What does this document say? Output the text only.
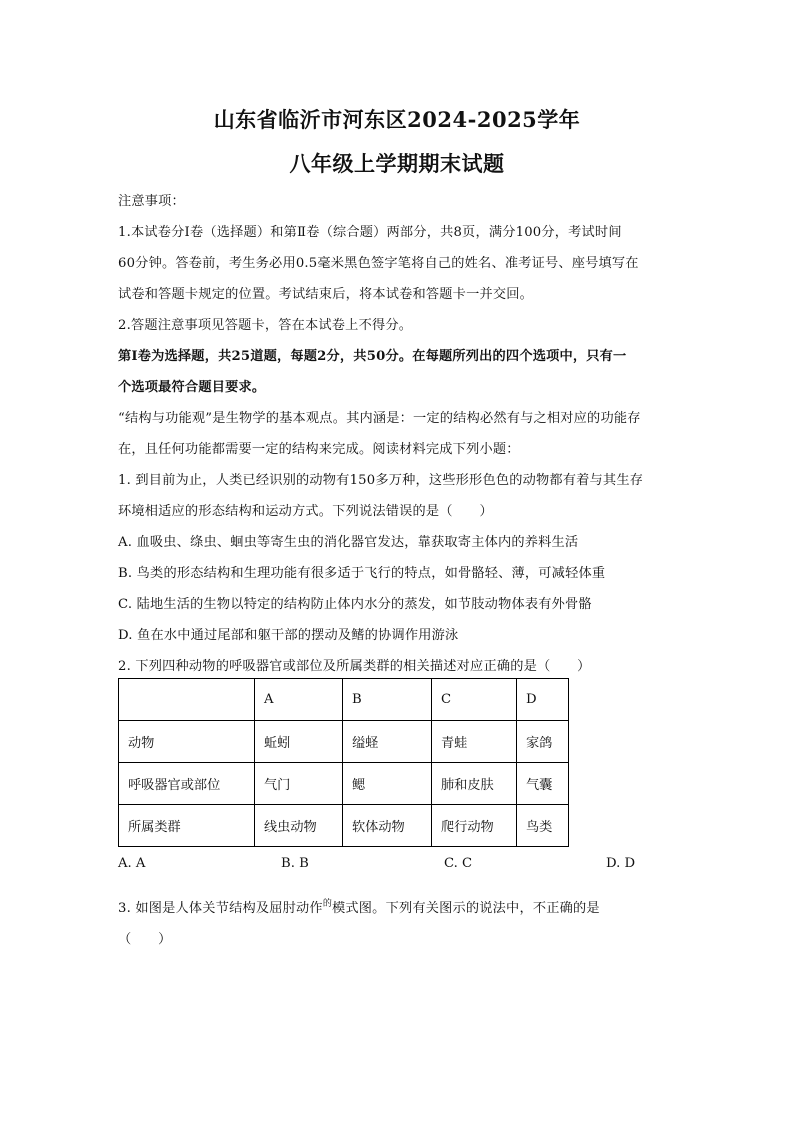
山东省临沂市河东区2024-2025学年
八年级上学期期末试题
注意事项：
1.本试卷分Ⅰ卷（选择题）和第Ⅱ卷（综合题）两部分，共8页，满分100分，考试时间
60分钟。答卷前，考生务必用0.5毫米黑色签字笔将自己的姓名、准考证号、座号填写在
试卷和答题卡规定的位置。考试结束后，将本试卷和答题卡一并交回。
2.答题注意事项见答题卡，答在本试卷上不得分。
第Ⅰ卷为选择题，共25道题，每题2分，共50分。在每题所列出的四个选项中，只有一
个选项最符合题目要求。
“结构与功能观”是生物学的基本观点。其内涵是：一定的结构必然有与之相对应的功能存
在，且任何功能都需要一定的结构来完成。阅读材料完成下列小题：
1. 到目前为止，人类已经识别的动物有150多万种，这些形形色色的动物都有着与其生存
环境相适应的形态结构和运动方式。下列说法错误的是（　　）
A. 血吸虫、绦虫、蛔虫等寄生虫的消化器官发达，靠获取寄主体内的养料生活
B. 鸟类的形态结构和生理功能有很多适于飞行的特点，如骨骼轻、薄，可减轻体重
C. 陆地生活的生物以特定的结构防止体内水分的蒸发，如节肢动物体表有外骨骼
D. 鱼在水中通过尾部和躯干部的摆动及鳍的协调作用游泳
2. 下列四种动物的呼吸器官或部位及所属类群的相关描述对应正确的是（　　）
	A	B	C	D
动物	蚯蚓	缢蛏	青蛙	家鸽
呼吸器官或部位	气门	鳃	肺和皮肤	气囊
所属类群	线虫动物	软体动物	爬行动物	鸟类
A. A	B. B	C. C	D. D
3. 如图是人体关节结构及屈肘动作$^的$模式图。下列有关图示的说法中，不正确的是
（　　）
